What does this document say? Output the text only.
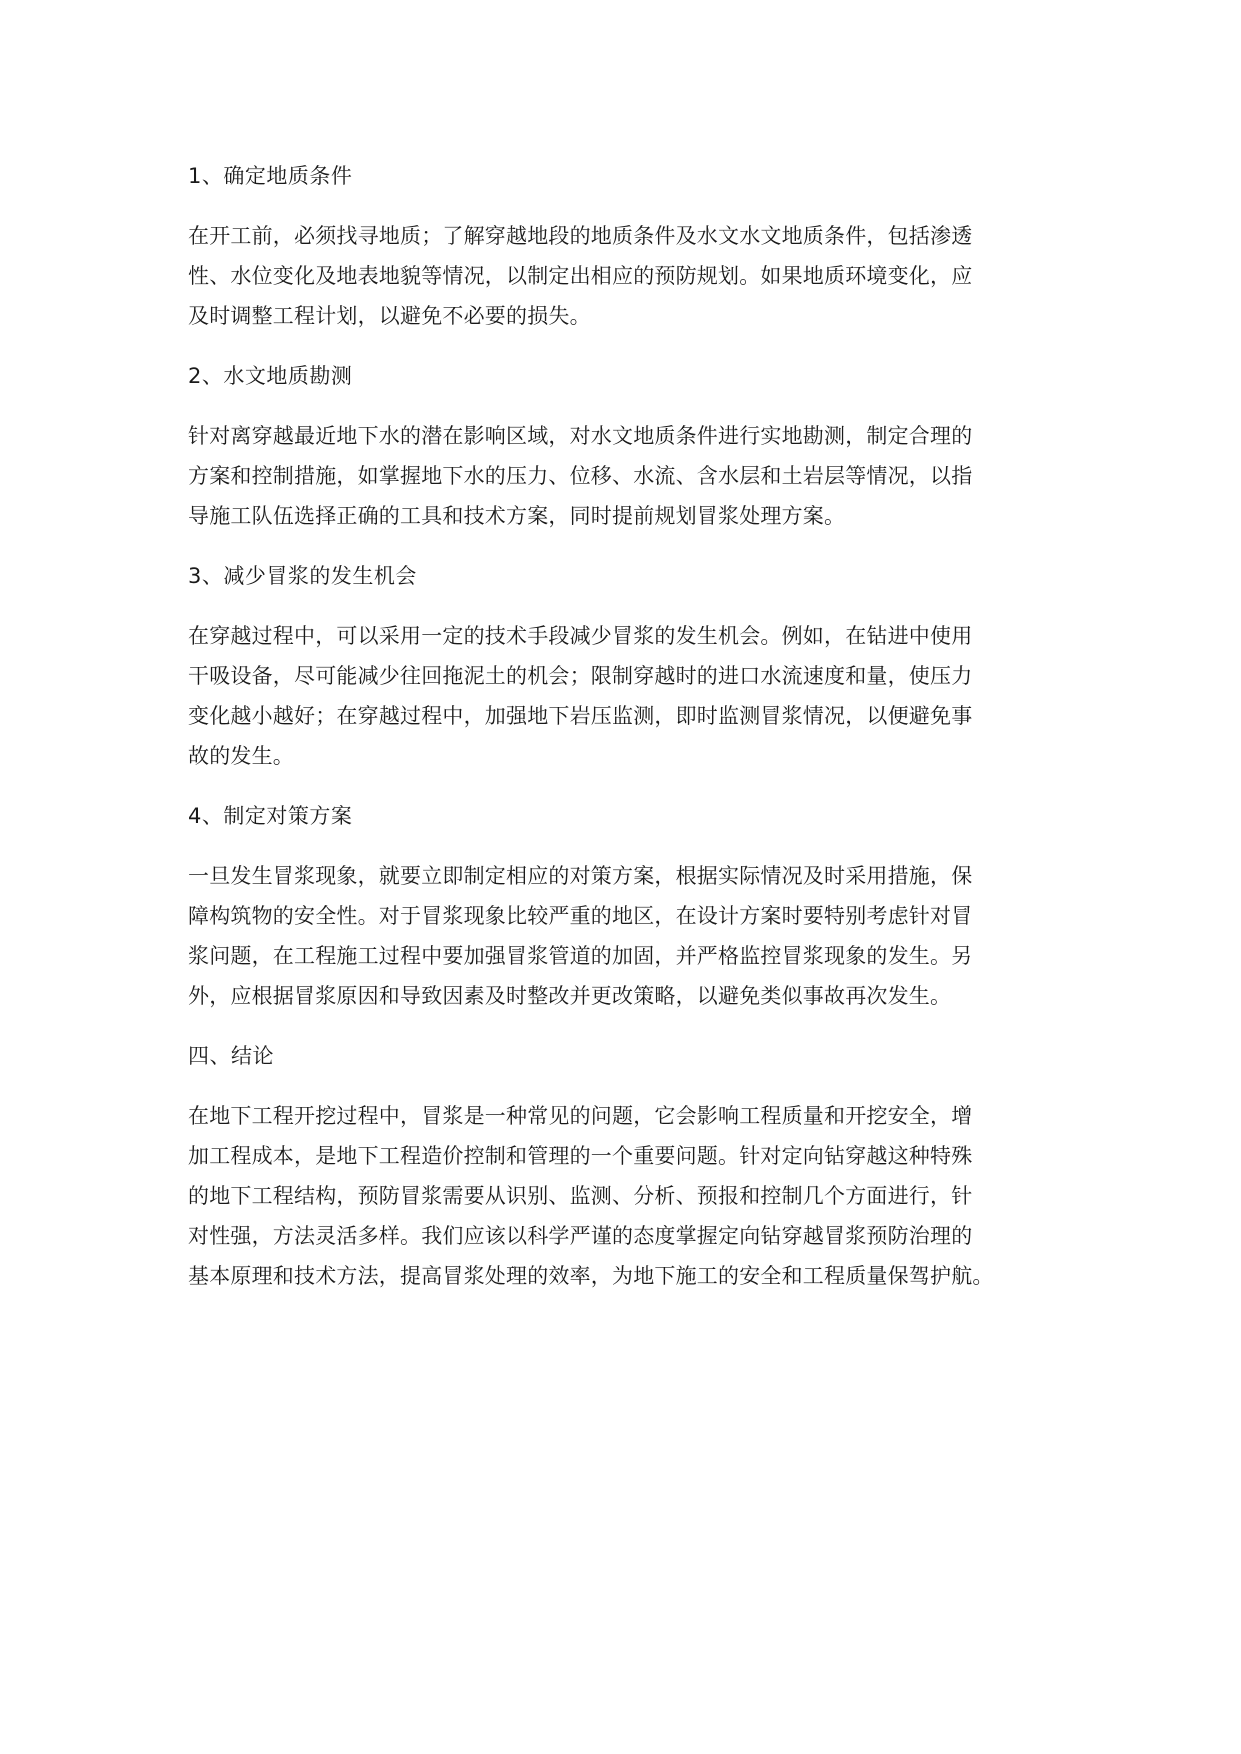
1、确定地质条件
在开工前，必须找寻地质；了解穿越地段的地质条件及水文水文地质条件，包括渗透
性、水位变化及地表地貌等情况，以制定出相应的预防规划。如果地质环境变化，应
及时调整工程计划，以避免不必要的损失。
2、水文地质勘测
针对离穿越最近地下水的潜在影响区域，对水文地质条件进行实地勘测，制定合理的
方案和控制措施，如掌握地下水的压力、位移、水流、含水层和土岩层等情况，以指
导施工队伍选择正确的工具和技术方案，同时提前规划冒浆处理方案。
3、减少冒浆的发生机会
在穿越过程中，可以采用一定的技术手段减少冒浆的发生机会。例如，在钻进中使用
干吸设备，尽可能减少往回拖泥土的机会；限制穿越时的进口水流速度和量，使压力
变化越小越好；在穿越过程中，加强地下岩压监测，即时监测冒浆情况，以便避免事
故的发生。
4、制定对策方案
一旦发生冒浆现象，就要立即制定相应的对策方案，根据实际情况及时采用措施，保
障构筑物的安全性。对于冒浆现象比较严重的地区，在设计方案时要特别考虑针对冒
浆问题，在工程施工过程中要加强冒浆管道的加固，并严格监控冒浆现象的发生。另
外，应根据冒浆原因和导致因素及时整改并更改策略，以避免类似事故再次发生。
四、结论
在地下工程开挖过程中，冒浆是一种常见的问题，它会影响工程质量和开挖安全，增
加工程成本，是地下工程造价控制和管理的一个重要问题。针对定向钻穿越这种特殊
的地下工程结构，预防冒浆需要从识别、监测、分析、预报和控制几个方面进行，针
对性强，方法灵活多样。我们应该以科学严谨的态度掌握定向钻穿越冒浆预防治理的
基本原理和技术方法，提高冒浆处理的效率，为地下施工的安全和工程质量保驾护航。
